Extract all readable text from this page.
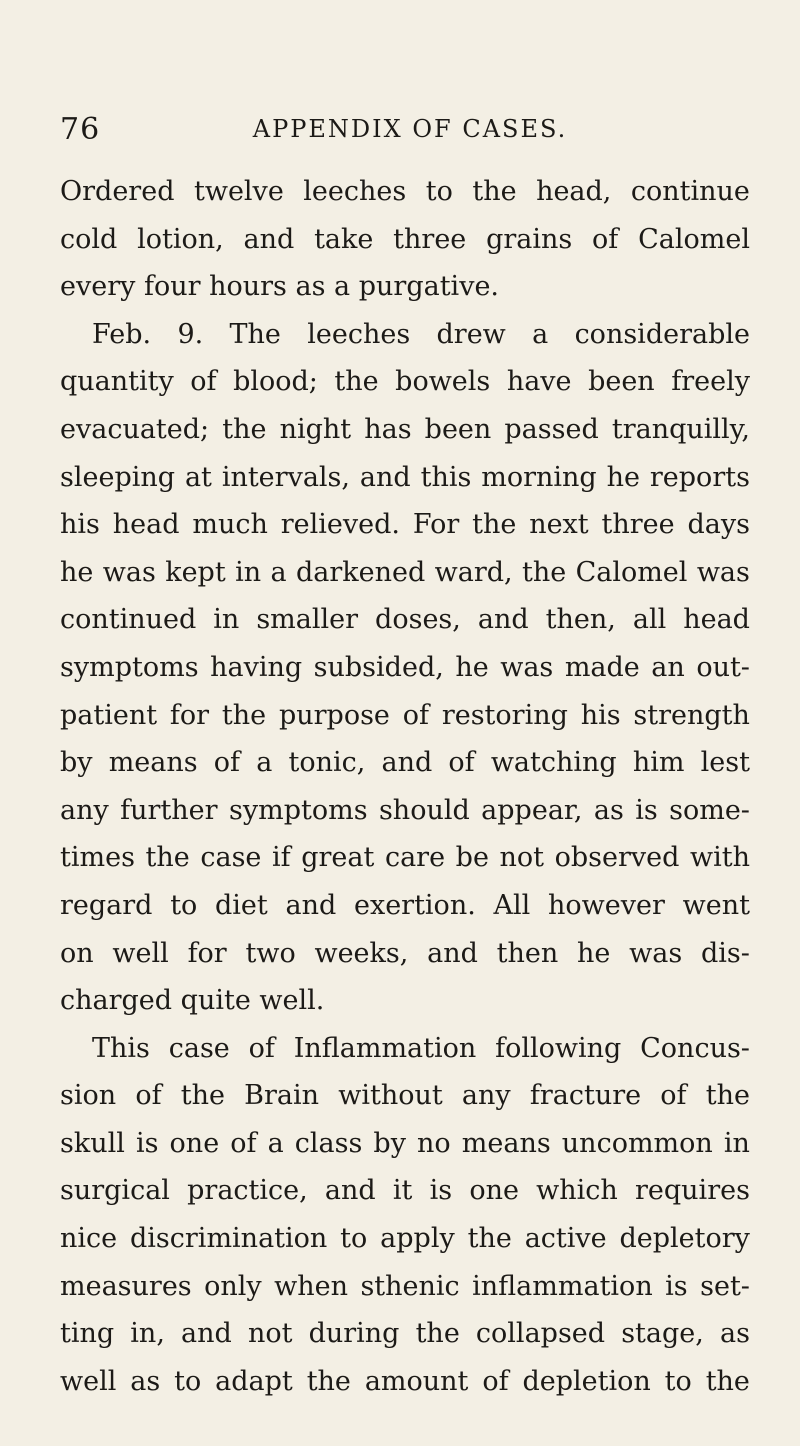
76	APPENDIX OF CASES.
Ordered twelve leeches to the head, continue
cold lotion, and take three grains of Calomel
every
four
hours
as
a
purgative.
Feb. 9. The leeches drew a considerable
quantity of blood; the bowels have been freely
evacuated; the night has been passed tranquilly,
sleeping at intervals, and this morning he reports
his head much relieved. For the next three days
he was kept in a darkened ward, the Calomel was
continued in smaller doses, and then, all head
symptoms having subsided, he was made an out-
patient for the purpose of restoring his strength
by means of a tonic, and of watching him lest
any further symptoms should appear, as is some-
times the case if great care be not observed with
regard to diet and exertion. All however went
on well for two weeks, and then he was dis-
charged
quite
well.
This case of Inflammation following Concus-
sion of the Brain without any fracture of the
skull is one of a class by no means uncommon in
surgical practice, and it is one which requires
nice discrimination to apply the active depletory
measures only when sthenic inflammation is set-
ting in, and not during the collapsed stage, as
well as to adapt the amount of depletion to the
